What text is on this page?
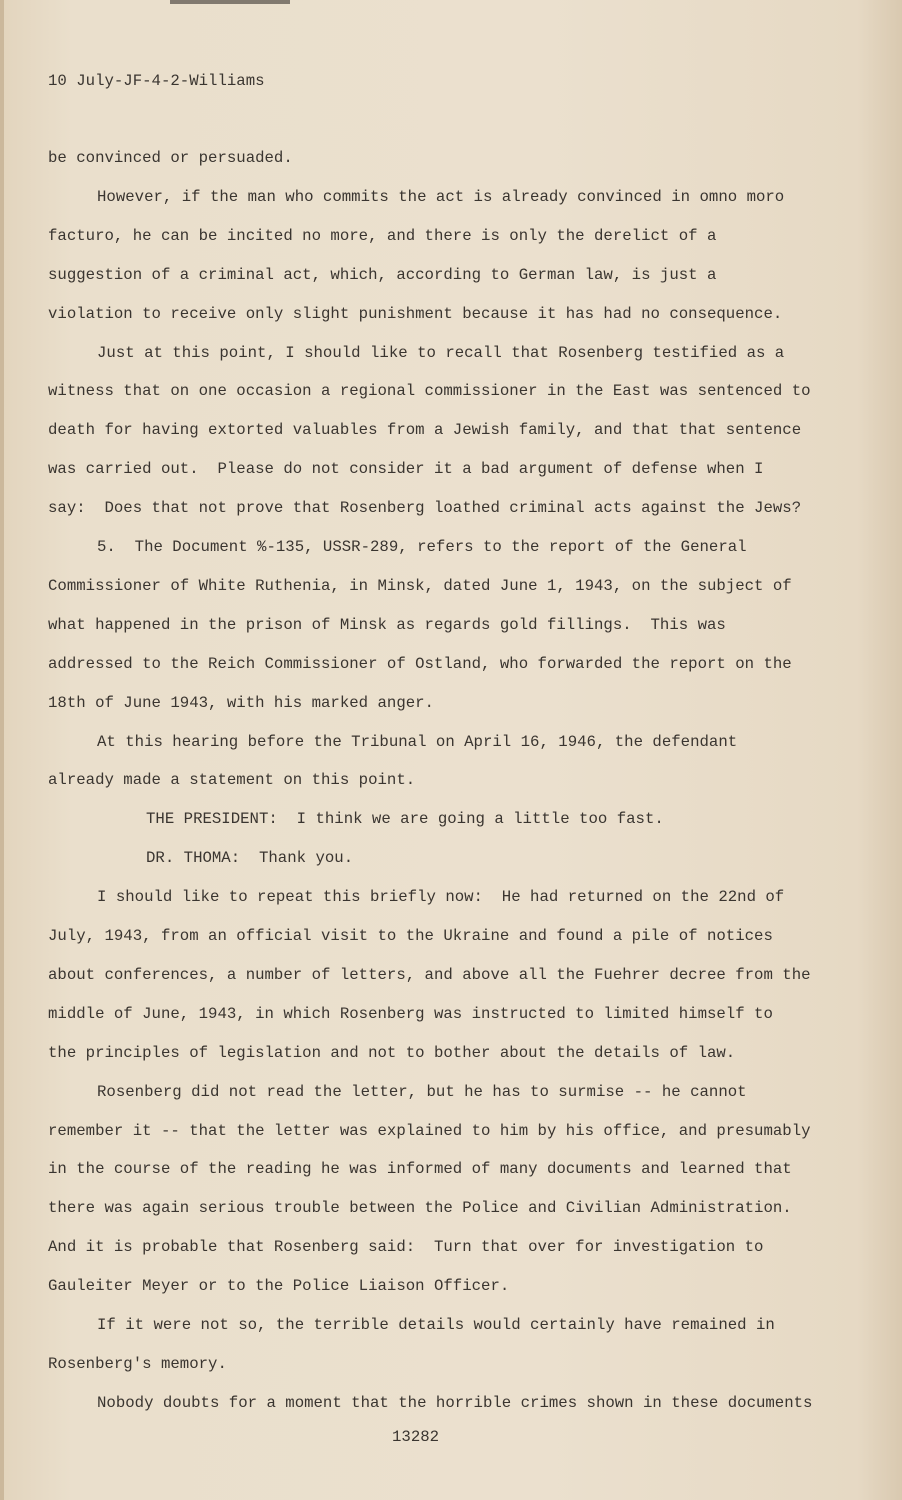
10 July-JF-4-2-Williams
be convinced or persuaded.
However, if the man who commits the act is already convinced in omno moro
facturo, he can be incited no more, and there is only the derelict of a
suggestion of a criminal act, which, according to German law, is just a
violation to receive only slight punishment because it has had no consequence.
Just at this point, I should like to recall that Rosenberg testified as a
witness that on one occasion a regional commissioner in the East was sentenced to
death for having extorted valuables from a Jewish family, and that that sentence
was carried out.  Please do not consider it a bad argument of defense when I
say:  Does that not prove that Rosenberg loathed criminal acts against the Jews?
5.  The Document %-135, USSR-289, refers to the report of the General
Commissioner of White Ruthenia, in Minsk, dated June 1, 1943, on the subject of
what happened in the prison of Minsk as regards gold fillings.  This was
addressed to the Reich Commissioner of Ostland, who forwarded the report on the
18th of June 1943, with his marked anger.
At this hearing before the Tribunal on April 16, 1946, the defendant
already made a statement on this point.
THE PRESIDENT:  I think we are going a little too fast.
DR. THOMA:  Thank you.
I should like to repeat this briefly now:  He had returned on the 22nd of
July, 1943, from an official visit to the Ukraine and found a pile of notices
about conferences, a number of letters, and above all the Fuehrer decree from the
middle of June, 1943, in which Rosenberg was instructed to limited himself to
the principles of legislation and not to bother about the details of law.
Rosenberg did not read the letter, but he has to surmise -- he cannot
remember it -- that the letter was explained to him by his office, and presumably
in the course of the reading he was informed of many documents and learned that
there was again serious trouble between the Police and Civilian Administration.
And it is probable that Rosenberg said:  Turn that over for investigation to
Gauleiter Meyer or to the Police Liaison Officer.
If it were not so, the terrible details would certainly have remained in
Rosenberg's memory.
Nobody doubts for a moment that the horrible crimes shown in these documents
13282
